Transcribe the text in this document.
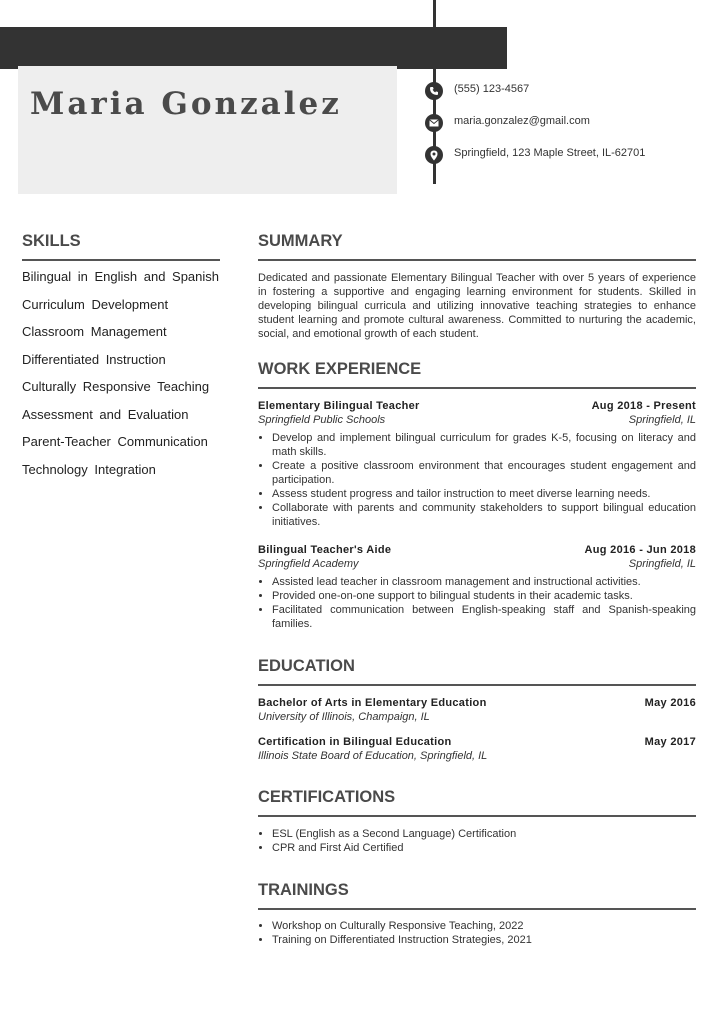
Maria Gonzalez	(555) 123-4567
maria.gonzalez@gmail.com
Springfield, 123 Maple Street, IL-62701
SKILLS
Bilingual in English and Spanish
Curriculum Development
Classroom Management
Differentiated Instruction
Culturally Responsive Teaching
Assessment and Evaluation
Parent-Teacher Communication
Technology Integration
SUMMARY
Dedicated and passionate Elementary Bilingual Teacher with over 5 years of experience in fostering a supportive and engaging learning environment for students. Skilled in developing bilingual curricula and utilizing innovative teaching strategies to enhance student learning and promote cultural awareness. Committed to nurturing the academic, social, and emotional growth of each student.
WORK EXPERIENCE
Elementary Bilingual Teacher	Aug 2018 - Present
Springfield Public Schools	Springfield, IL
• Develop and implement bilingual curriculum for grades K-5, focusing on literacy and math skills.
• Create a positive classroom environment that encourages student engagement and participation.
• Assess student progress and tailor instruction to meet diverse learning needs.
• Collaborate with parents and community stakeholders to support bilingual education initiatives.
Bilingual Teacher's Aide	Aug 2016 - Jun 2018
Springfield Academy	Springfield, IL
• Assisted lead teacher in classroom management and instructional activities.
• Provided one-on-one support to bilingual students in their academic tasks.
• Facilitated communication between English-speaking staff and Spanish-speaking families.
EDUCATION
Bachelor of Arts in Elementary Education	May 2016
University of Illinois, Champaign, IL
Certification in Bilingual Education	May 2017
Illinois State Board of Education, Springfield, IL
CERTIFICATIONS
• ESL (English as a Second Language) Certification
• CPR and First Aid Certified
TRAININGS
• Workshop on Culturally Responsive Teaching, 2022
• Training on Differentiated Instruction Strategies, 2021
